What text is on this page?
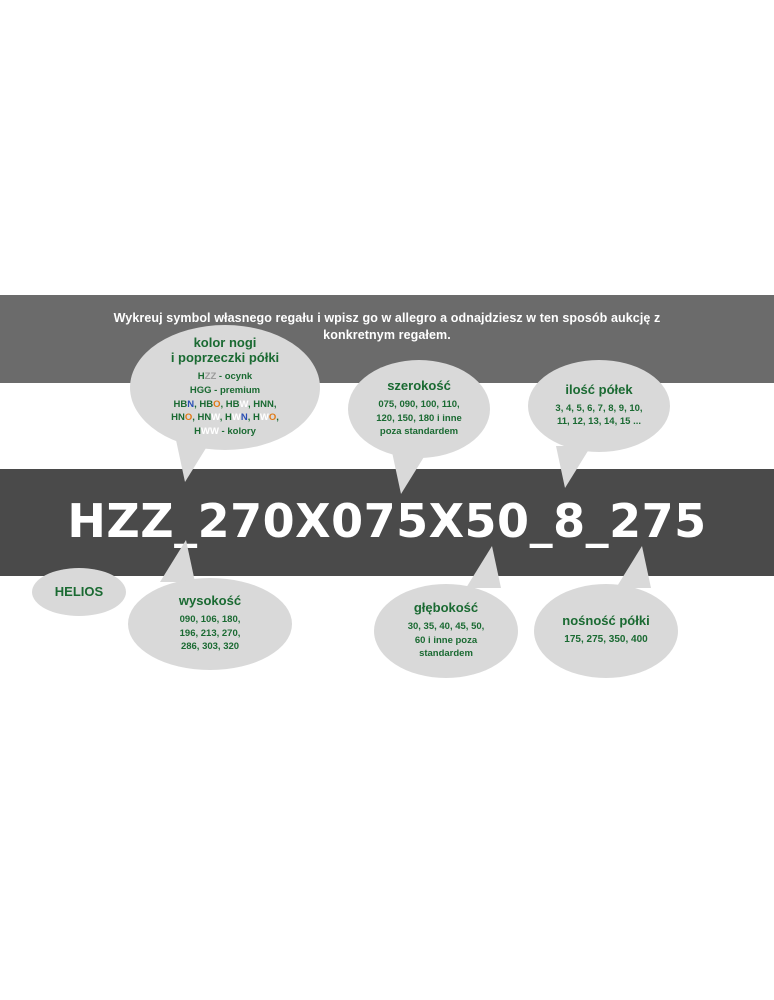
Wykreuj symbol własnego regału i wpisz go w allegro a odnajdziesz w ten sposób aukcję z
konkretnym regałem.
kolor nogi
i poprzeczki półki
HZZ - ocynk
HGG - premium
HBN, HBO, HBW, HNN,
HNO, HNW, HWN, HWO,
HWW - kolory
szerokość
075, 090, 100, 110,
120, 150, 180 i inne
poza standardem
ilość półek
3, 4, 5, 6, 7, 8, 9, 10,
11, 12, 13, 14, 15 ...
HZZ_270X075X50_8_275
HELIOS
wysokość
090, 106, 180,
196, 213, 270,
286, 303, 320
głębokość
30, 35, 40, 45, 50,
60 i inne poza
standardem
nośność półki
175, 275, 350, 400
